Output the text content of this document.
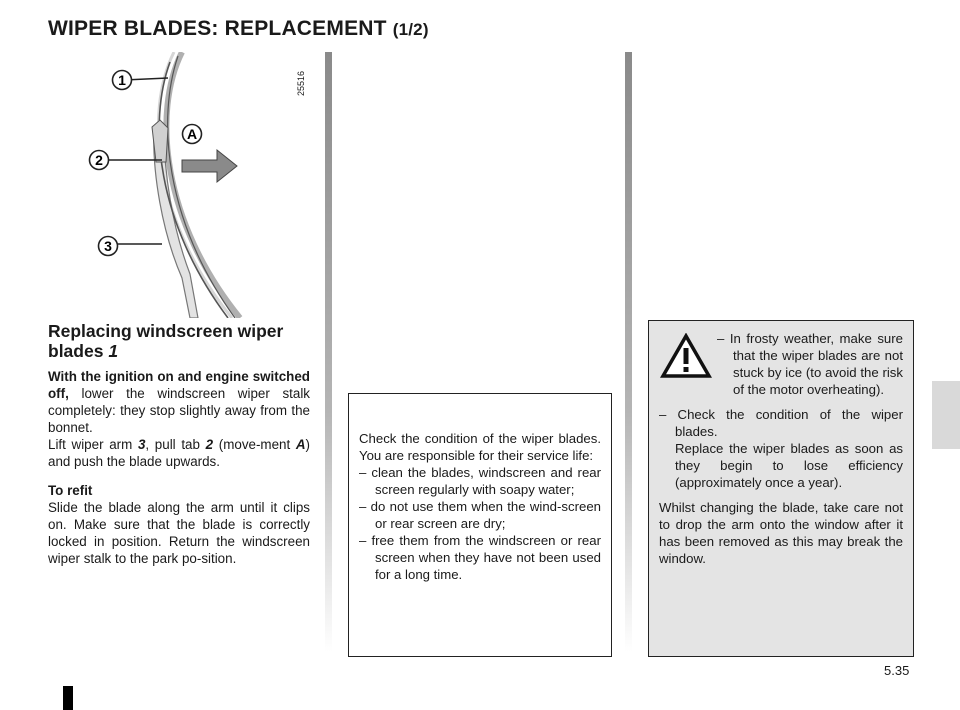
WIPER BLADES: REPLACEMENT (1/2)
1
2
3
A
25516
Replacing windscreen wiper blades 1

With the ignition on and engine switched off, lower the windscreen wiper stalk completely: they stop slightly away from the bonnet.

Lift wiper arm 3, pull tab 2 (move-ment A) and push the blade upwards.

To refit

Slide the blade along the arm until it clips on. Make sure that the blade is correctly locked in position. Return the windscreen wiper stalk to the park po-sition.

Check the condition of the wiper blades. You are responsible for their service life:

– clean the blades, windscreen and rear screen regularly with soapy water;

– do not use them when the wind-screen or rear screen are dry;

– free them from the windscreen or rear screen when they have not been used for a long time.

– In frosty weather, make sure that the wiper blades are not stuck by ice (to avoid the risk of the motor overheating).

– Check the condition of the wiper blades.

Replace the wiper blades as soon as they begin to lose efficiency (approximately once a year).

Whilst changing the blade, take care not to drop the arm onto the window after it has been removed as this may break the window.

5.35
